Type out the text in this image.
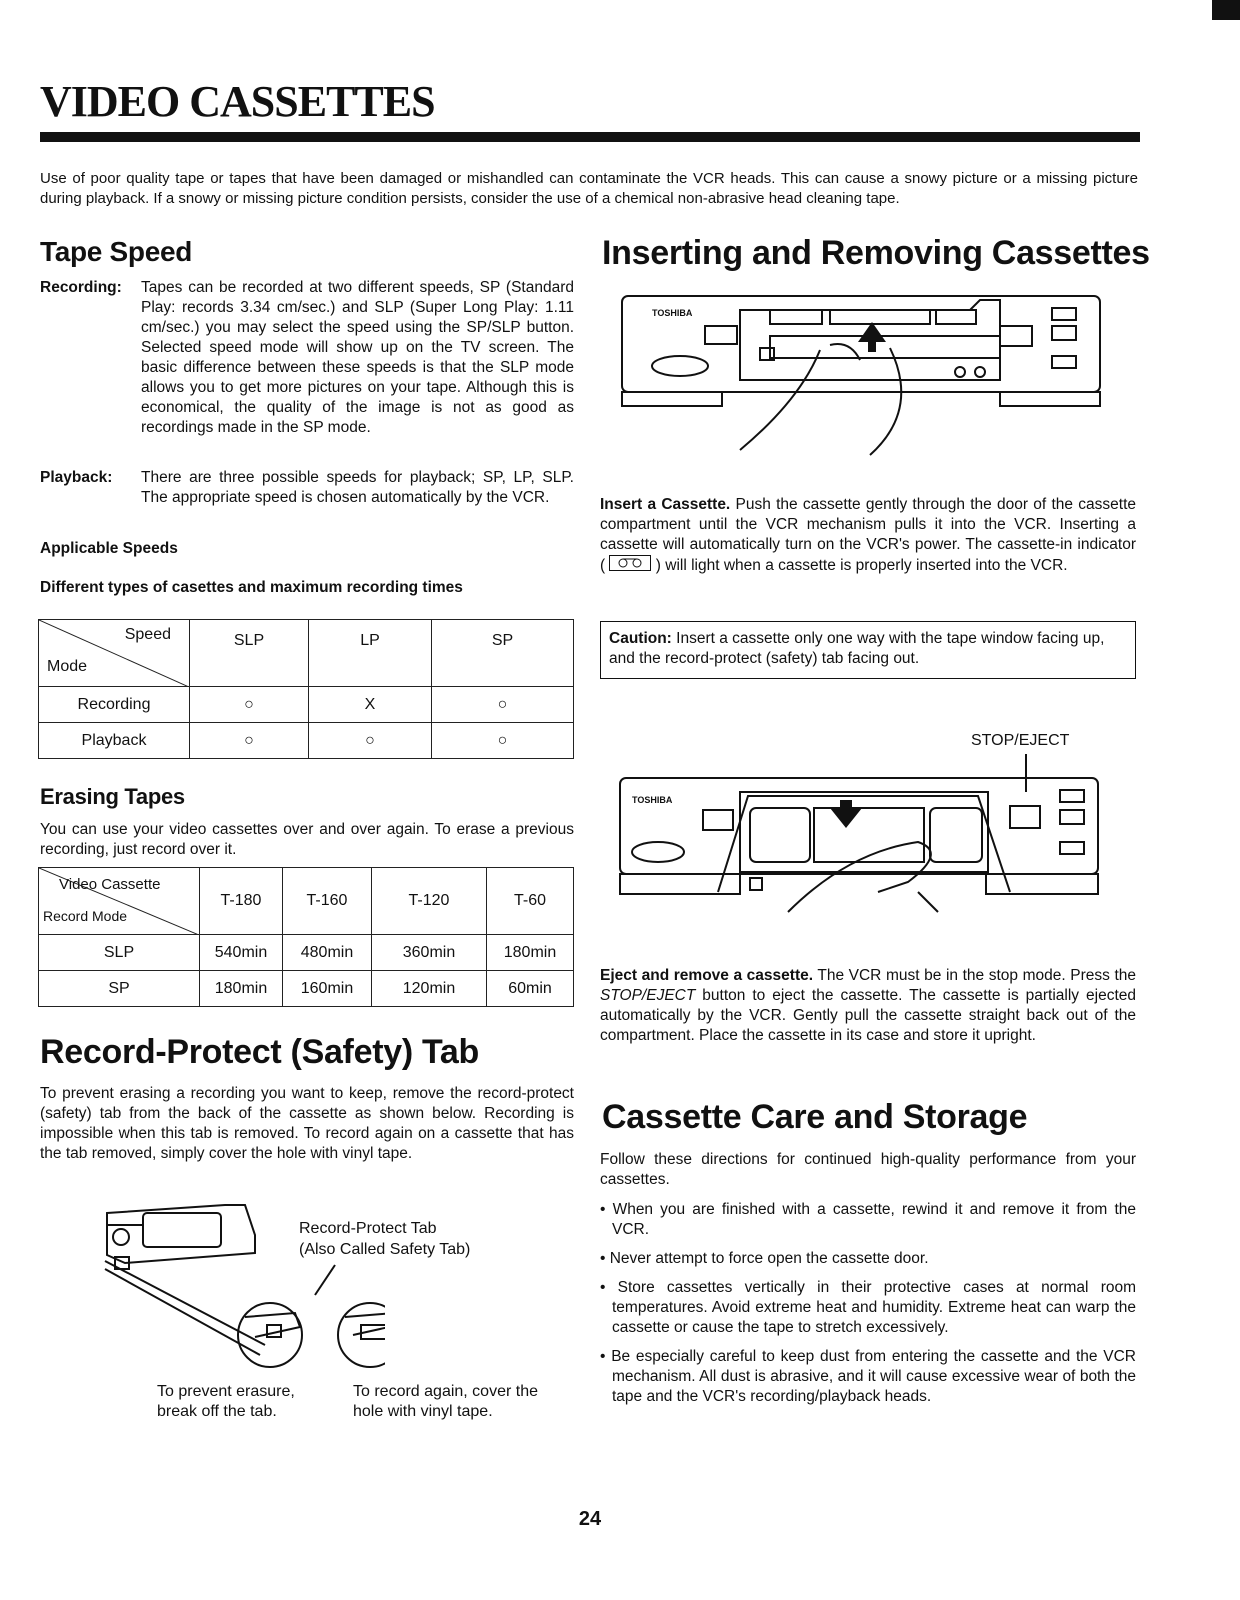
VIDEO CASSETTES
Use of poor quality tape or tapes that have been damaged or mishandled can contaminate the VCR heads. This can cause a snowy picture or a missing picture during playback. If a snowy or missing picture condition persists, consider the use of a chemical non-abrasive head cleaning tape.
Tape Speed
Recording: Tapes can be recorded at two different speeds, SP (Standard Play: records 3.34 cm/sec.) and SLP (Super Long Play: 1.11 cm/sec.) you may select the speed using the SP/SLP button. Selected speed mode will show up on the TV screen. The basic difference between these speeds is that the SLP mode allows you to get more pictures on your tape. Although this is economical, the quality of the image is not as good as recordings made in the SP mode.
Playback: There are three possible speeds for playback; SP, LP, SLP. The appropriate speed is chosen automatically by the VCR.
Applicable Speeds
Different types of casettes and maximum recording times
Speed
Mode	SLP	LP	SP
Recording	○	X	○
Playback	○	○	○
Erasing Tapes
You can use your video cassettes over and over again. To erase a previous recording, just record over it.
Video Cassette
Record Mode	T-180	T-160	T-120	T-60
SLP	540min	480min	360min	180min
SP	180min	160min	120min	60min
Record-Protect (Safety) Tab
To prevent erasing a recording you want to keep, remove the record-protect (safety) tab from the back of the cassette as shown below. Recording is impossible when this tab is removed. To record again on a cassette that has the tab removed, simply cover the hole with vinyl tape.
Record-Protect Tab
(Also Called Safety Tab)
To prevent erasure, break off the tab.
To record again, cover the hole with vinyl tape.
Inserting and Removing Cassettes
TOSHIBA
Insert a Cassette. Push the cassette gently through the door of the cassette compartment until the VCR mechanism pulls it into the VCR. Inserting a cassette will automatically turn on the VCR's power. The cassette-in indicator (	) will light when a cassette is properly inserted into the VCR.
Caution: Insert a cassette only one way with the tape window facing up, and the record-protect (safety) tab facing out.
STOP/EJECT
TOSHIBA
Eject and remove a cassette. The VCR must be in the stop mode. Press the STOP/EJECT button to eject the cassette. The cassette is partially ejected automatically by the VCR. Gently pull the cassette straight back out of the compartment. Place the cassette in its case and store it upright.
Cassette Care and Storage
Follow these directions for continued high-quality performance from your cassettes.

• When you are finished with a cassette, rewind it and remove it from the VCR.

• Never attempt to force open the cassette door.

• Store cassettes vertically in their protective cases at normal room temperatures. Avoid extreme heat and humidity. Extreme heat can warp the cassette or cause the tape to stretch excessively.

• Be especially careful to keep dust from entering the cassette and the VCR mechanism. All dust is abrasive, and it will cause excessive wear of both the tape and the VCR's recording/playback heads.

24
